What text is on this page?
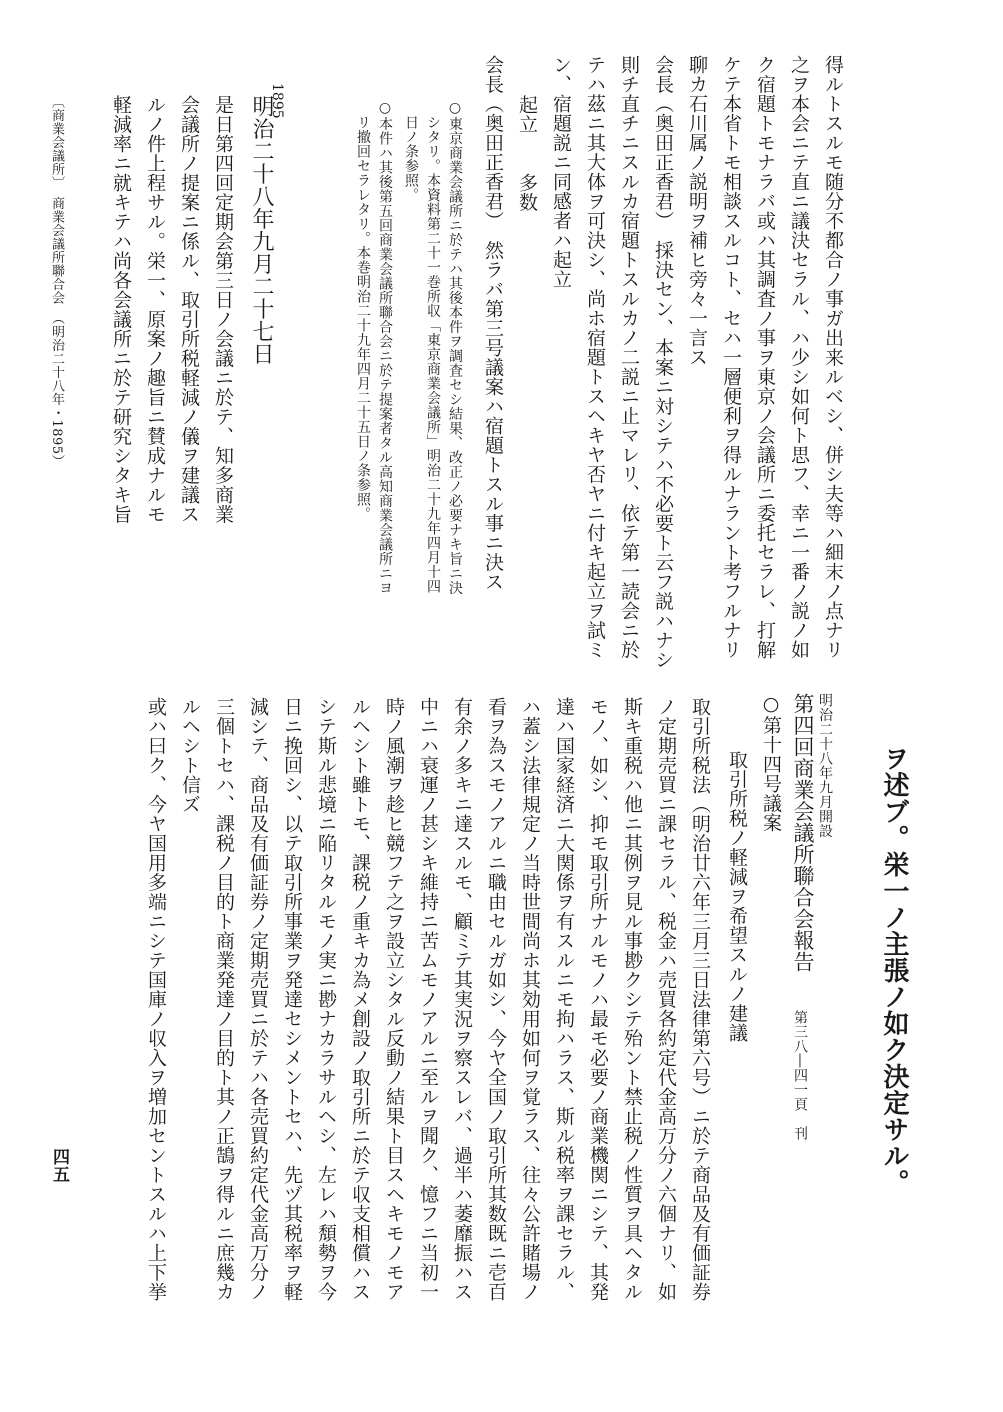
得ルトスルモ随分不都合ノ事ガ出来ルベシ、併シ夫等ハ細末ノ点ナリ
之ヲ本会ニテ直ニ議決セラル、ハ少シ如何ト思フ、幸ニ一番ノ説ノ如
ク宿題トモナラバ或ハ其調査ノ事ヲ東京ノ会議所ニ委托セラレ、打解
ケテ本省トモ相談スルコト、セハ一層便利ヲ得ルナラント考フルナリ
聊カ石川属ノ説明ヲ補ヒ旁々一言ス
会長（奥田正香君）　採決セン、本案ニ対シテハ不必要ト云フ説ハナシ
則チ直チニスルカ宿題トスルカノ二説ニ止マレリ、依テ第一読会ニ於
テハ茲ニ其大体ヲ可決シ、尚ホ宿題トスヘキヤ否ヤニ付キ起立ヲ試ミ
ン、宿題説ニ同感者ハ起立
起立　　多数
会長（奥田正香君）　然ラバ第三号議案ハ宿題トスル事ニ決ス
○東京商業会議所ニ於テハ其後本件ヲ調査セシ結果、改正ノ必要ナキ旨ニ決
シタリ。本資料第二十一巻所収「東京商業会議所」明治二十九年四月十四
日ノ条参照。
○本件ハ其後第五回商業会議所聯合会ニ於テ提案者タル高知商業会議所ニヨ
リ撤回セラレタリ。本巻明治二十九年四月二十五日ノ条参照。
1895
明治二十八年九月二十七日
是日第四回定期会第三日ノ会議ニ於テ、知多商業
会議所ノ提案ニ係ル、取引所税軽減ノ儀ヲ建議ス
ルノ件上程サル。栄一、原案ノ趣旨ニ賛成ナルモ
軽減率ニ就キテハ尚各会議所ニ於テ研究シタキ旨
〔商業会議所〕　商業会議所聯合会　（明治二十八年・1895）
ヲ述ブ。栄一ノ主張ノ如ク決定サル。
明治二十八年九月開設
第四回商業会議所聯合会報告
第三八―四一頁　刊
○第十四号議案
取引所税ノ軽減ヲ希望スルノ建議
取引所税法（明治廿六年三月三日法律第六号）ニ於テ商品及有価証券
ノ定期売買ニ課セラル、税金ハ売買各約定代金高万分ノ六個ナリ、如
斯キ重税ハ他ニ其例ヲ見ル事尠クシテ殆ント禁止税ノ性質ヲ具ヘタル
モノ、如シ、抑モ取引所ナルモノハ最モ必要ノ商業機関ニシテ、其発
達ハ国家経済ニ大関係ヲ有スルニモ拘ハラス、斯ル税率ヲ課セラル、
ハ蓋シ法律規定ノ当時世間尚ホ其効用如何ヲ覚ラス、往々公許賭場ノ
看ヲ為スモノアルニ職由セルガ如シ、今ヤ全国ノ取引所其数既ニ壱百
有余ノ多キニ達スルモ、顧ミテ其実況ヲ察スレバ、過半ハ萎靡振ハス
中ニハ衰運ノ甚シキ維持ニ苦ムモノアルニ至ルヲ聞ク、憶フニ当初一
時ノ風潮ヲ趁ヒ競フテ之ヲ設立シタル反動ノ結果ト目スヘキモノモア
ルヘシト雖トモ、課税ノ重キカ為メ創設ノ取引所ニ於テ収支相償ハス
シテ斯ル悲境ニ陥リタルモノ実ニ尠ナカラサルヘシ、左レハ頽勢ヲ今
日ニ挽回シ、以テ取引所事業ヲ発達セシメントセハ、先ヅ其税率ヲ軽
減シテ、商品及有価証券ノ定期売買ニ於テハ各売買約定代金高万分ノ
三個トセハ、課税ノ目的ト商業発達ノ目的ト其ノ正鵠ヲ得ルニ庶幾カ
ルヘシト信ズ
或ハ曰ク、今ヤ国用多端ニシテ国庫ノ収入ヲ増加セントスルハ上下挙
四五
